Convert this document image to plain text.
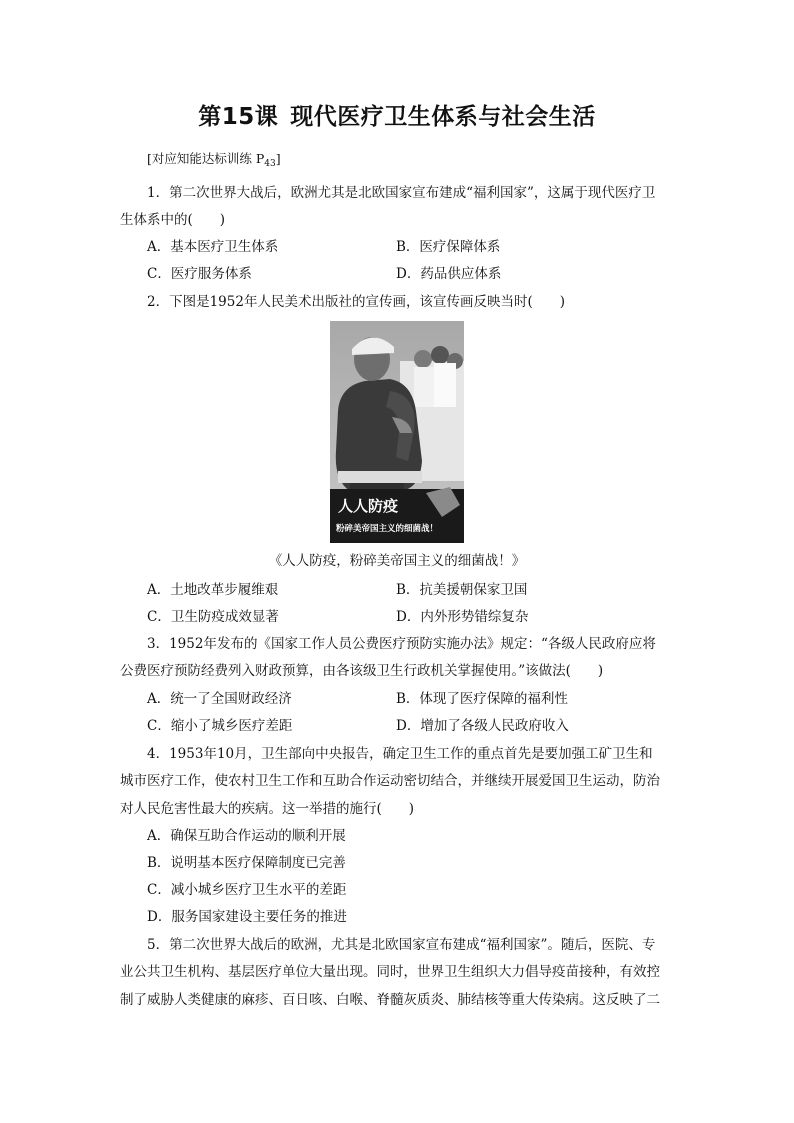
第15课 现代医疗卫生体系与社会生活
[对应知能达标训练 $P_{43}$]
1．第二次世界大战后，欧洲尤其是北欧国家宣布建成“福利国家”，这属于现代医疗卫
生体系中的(　　)
A．基本医疗卫生体系	B．医疗保障体系
C．医疗服务体系	D．药品供应体系
2．下图是1952年人民美术出版社的宣传画，该宣传画反映当时(　　)
人人防疫
粉碎美帝国主义的细菌战！
《人人防疫，粉碎美帝国主义的细菌战！》
A．土地改革步履维艰	B．抗美援朝保家卫国
C．卫生防疫成效显著	D．内外形势错综复杂
3．1952年发布的《国家工作人员公费医疗预防实施办法》规定：“各级人民政府应将
公费医疗预防经费列入财政预算，由各该级卫生行政机关掌握使用。”该做法(　　)
A．统一了全国财政经济	B．体现了医疗保障的福利性
C．缩小了城乡医疗差距	D．增加了各级人民政府收入
4．1953年10月，卫生部向中央报告，确定卫生工作的重点首先是要加强工矿卫生和
城市医疗工作，使农村卫生工作和互助合作运动密切结合，并继续开展爱国卫生运动，防治
对人民危害性最大的疾病。这一举措的施行(　　)
A．确保互助合作运动的顺利开展
B．说明基本医疗保障制度已完善
C．减小城乡医疗卫生水平的差距
D．服务国家建设主要任务的推进
5．第二次世界大战后的欧洲，尤其是北欧国家宣布建成“福利国家”。随后，医院、专
业公共卫生机构、基层医疗单位大量出现。同时，世界卫生组织大力倡导疫苗接种，有效控
制了威胁人类健康的麻疹、百日咳、白喉、脊髓灰质炎、肺结核等重大传染病。这反映了二
